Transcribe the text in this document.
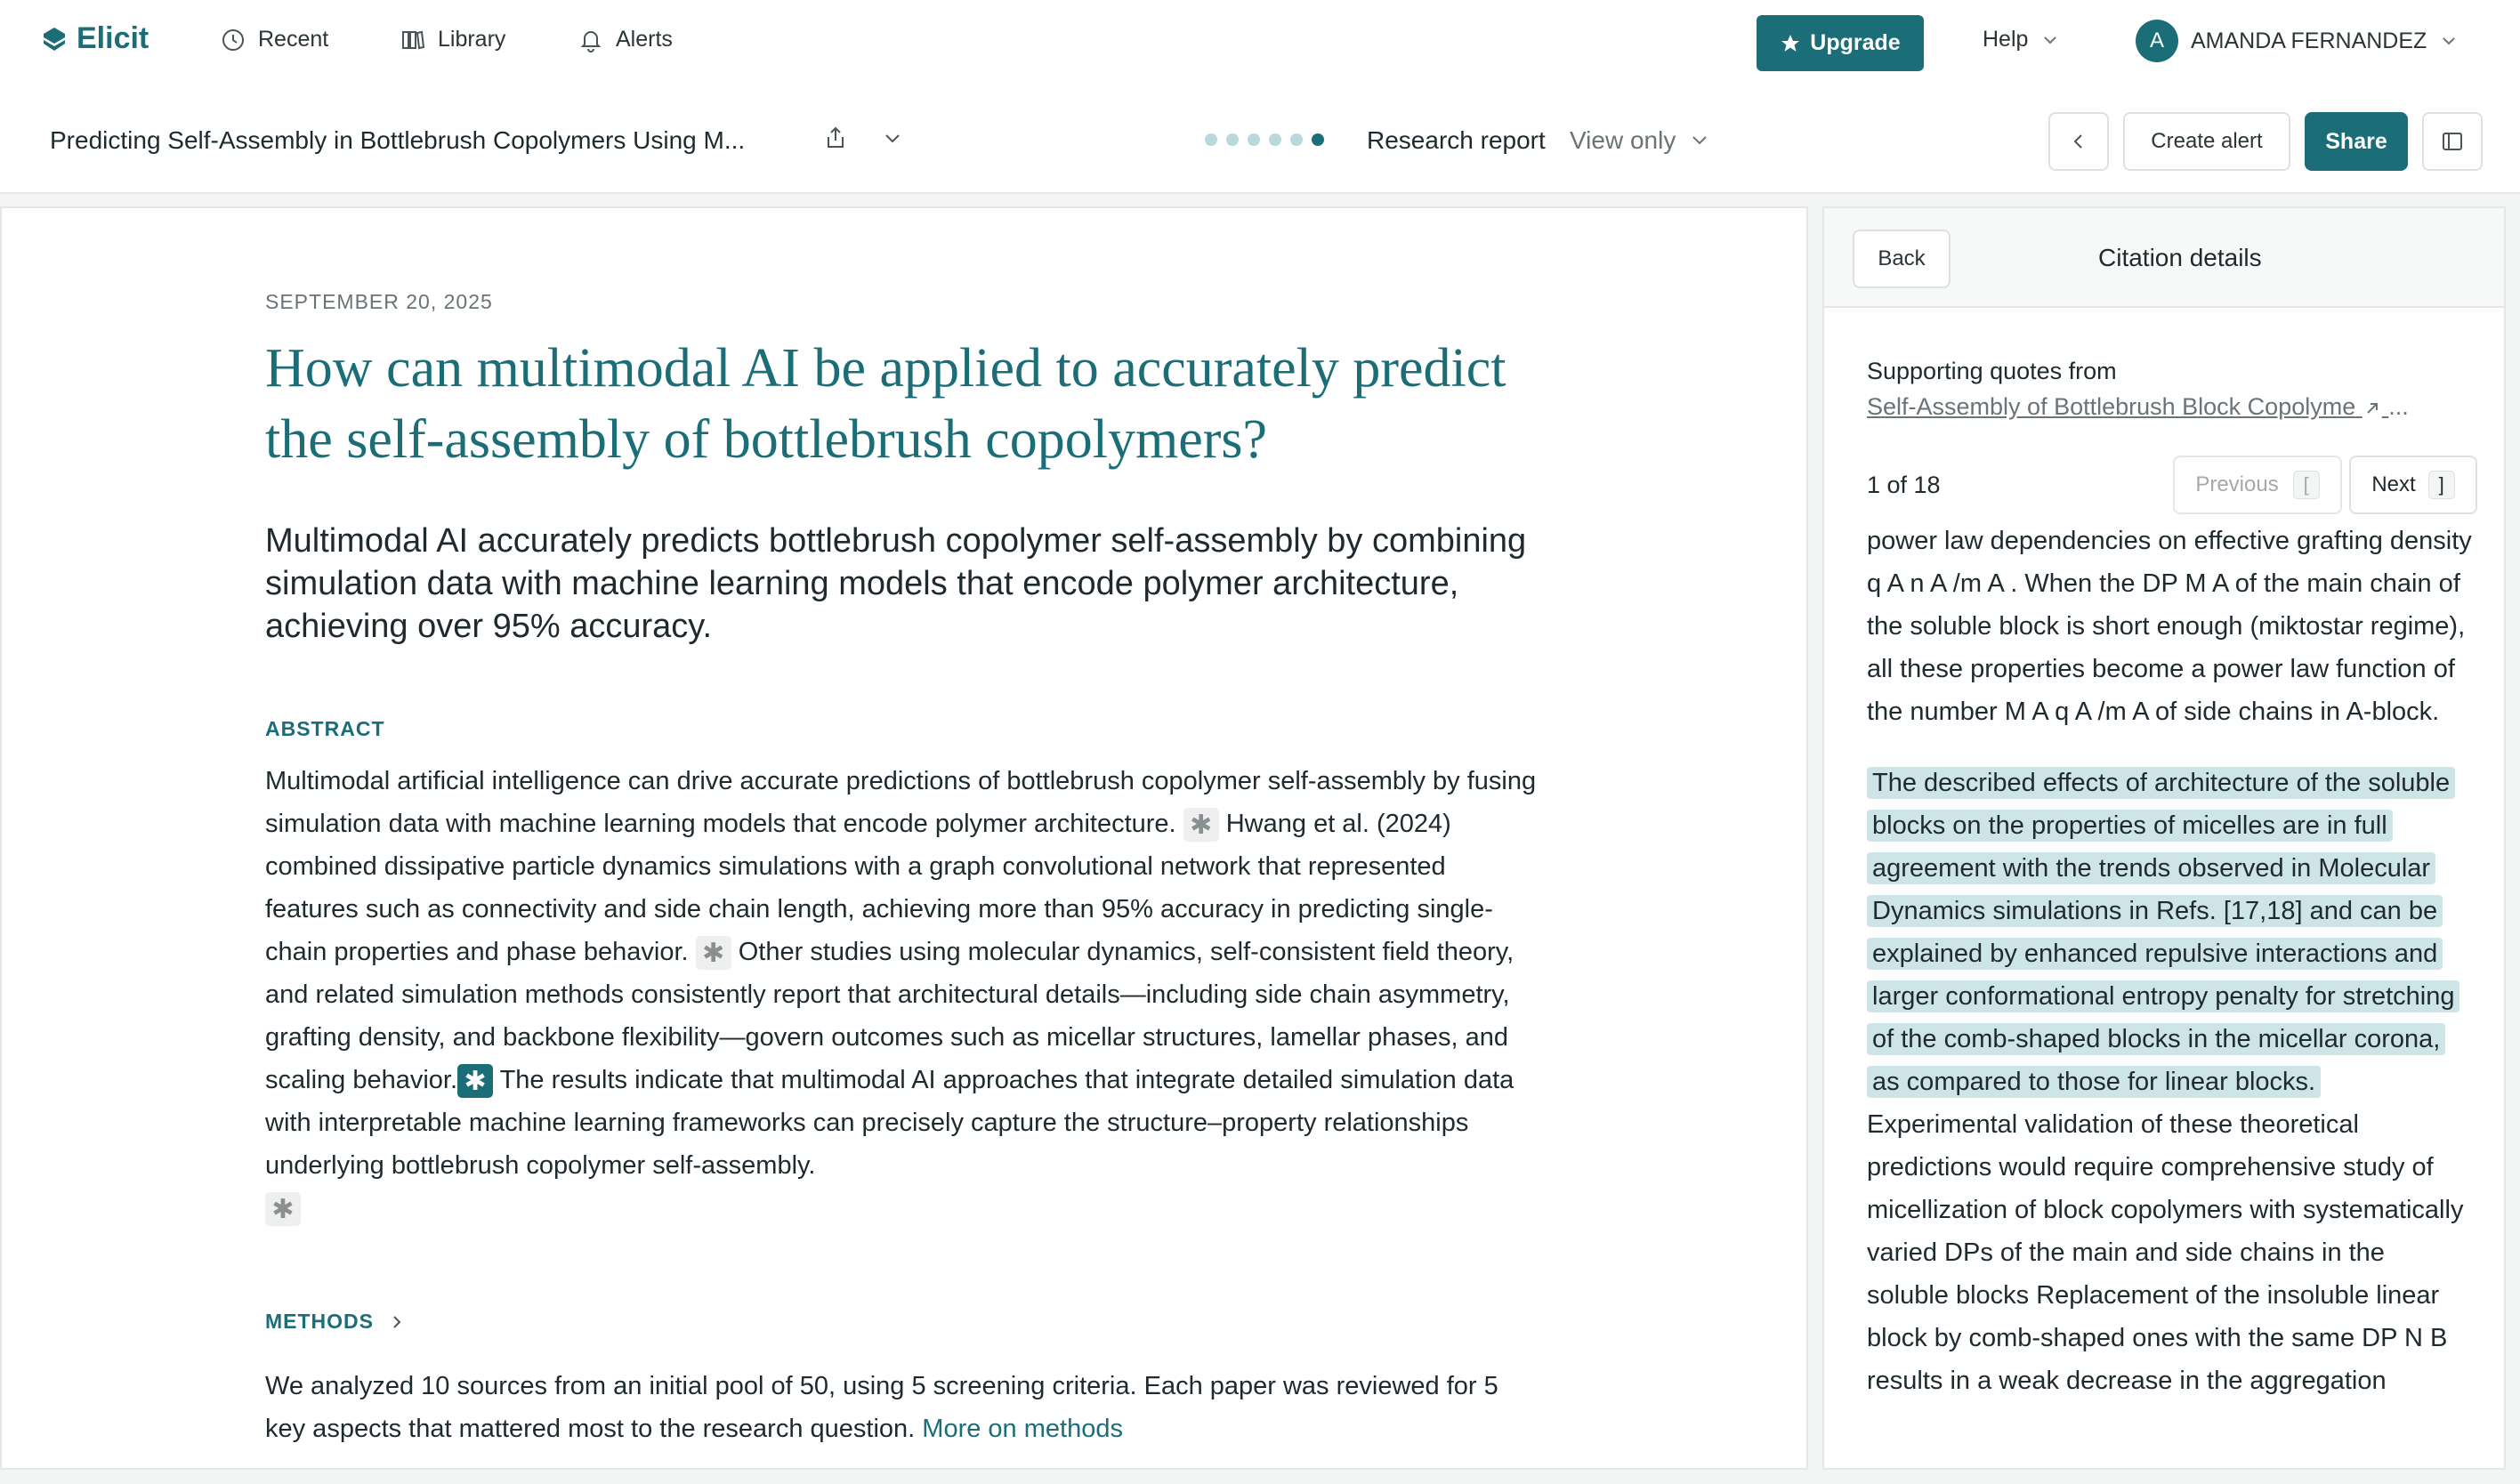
Elicit	Recent	Library	Alerts	Upgrade	Help	A	AMANDA FERNANDEZ
Predicting Self-Assembly in Bottlebrush Copolymers Using M...	Research report View only	Create alert	Share
SEPTEMBER 20, 2025
How can multimodal AI be applied to accurately predict the self-assembly of bottlebrush copolymers?
Multimodal AI accurately predicts bottlebrush copolymer self-assembly by combining simulation data with machine learning models that encode polymer architecture, achieving over 95% accuracy.
ABSTRACT
Multimodal artificial intelligence can drive accurate predictions of bottlebrush copolymer self-assembly by fusing simulation data with machine learning models that encode polymer architecture. ✱ Hwang et al. (2024) combined dissipative particle dynamics simulations with a graph convolutional network that represented features such as connectivity and side chain length, achieving more than 95% accuracy in predicting single-chain properties and phase behavior. ✱ Other studies using molecular dynamics, self-consistent field theory, and related simulation methods consistently report that architectural details—including side chain asymmetry, grafting density, and backbone flexibility—govern outcomes such as micellar structures, lamellar phases, and scaling behavior. ✱ The results indicate that multimodal AI approaches that integrate detailed simulation data with interpretable machine learning frameworks can precisely capture the structure–property relationships underlying bottlebrush copolymer self-assembly.
✱
METHODS
We analyzed 10 sources from an initial pool of 50, using 5 screening criteria. Each paper was reviewed for 5 key aspects that mattered most to the research question. More on methods
Back	Citation details
Supporting quotes from
Self-Assembly of Bottlebrush Block Copolyme ...
1 of 18	Previous	[	Next	]

power law dependencies on effective grafting density q A n A /m A . When the DP M A of the main chain of the soluble block is short enough (miktostar regime), all these properties become a power law function of the number M A q A /m A of side chains in A-block.

The described effects of architecture of the soluble blocks on the properties of micelles are in full agreement with the trends observed in Molecular Dynamics simulations in Refs. [17,18] and can be explained by enhanced repulsive interactions and larger conformational entropy penalty for stretching of the comb-shaped blocks in the micellar corona, as compared to those for linear blocks. Experimental validation of these theoretical predictions would require comprehensive study of micellization of block copolymers with systematically varied DPs of the main and side chains in the soluble blocks Replacement of the insoluble linear block by comb-shaped ones with the same DP N B results in a weak decrease in the aggregation
